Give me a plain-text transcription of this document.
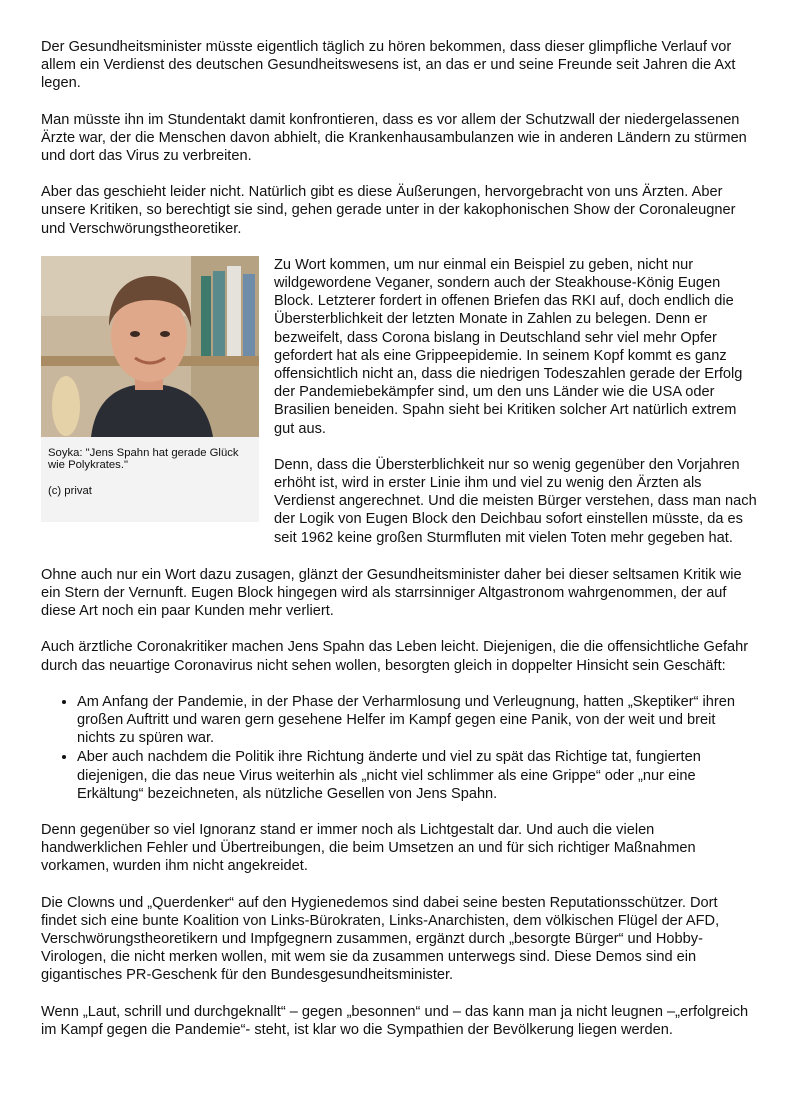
Der Gesundheitsminister müsste eigentlich täglich zu hören bekommen, dass dieser glimpfliche Verlauf vor allem ein Verdienst des deutschen Gesundheitswesens ist, an das er und seine Freunde seit Jahren die Axt legen.

Man müsste ihn im Stundentakt damit konfrontieren, dass es vor allem der Schutzwall der niedergelassenen Ärzte war, der die Menschen davon abhielt, die Krankenhausambulanzen wie in anderen Ländern zu stürmen und dort das Virus zu verbreiten.

Aber das geschieht leider nicht. Natürlich gibt es diese Äußerungen, hervorgebracht von uns Ärzten. Aber unsere Kritiken, so berechtigt sie sind, gehen gerade unter in der kakophonischen Show der Coronaleugner und Verschwörungstheoretiker.

Soyka: "Jens Spahn hat gerade Glück wie Polykrates."
(c) privat

Zu Wort kommen, um nur einmal ein Beispiel zu geben, nicht nur wildgewordene Veganer, sondern auch der Steakhouse-König Eugen Block. Letzterer fordert in offenen Briefen das RKI auf, doch endlich die Übersterblichkeit der letzten Monate in Zahlen zu belegen. Denn er bezweifelt, dass Corona bislang in Deutschland sehr viel mehr Opfer gefordert hat als eine Grippeepidemie. In seinem Kopf kommt es ganz offensichtlich nicht an, dass die niedrigen Todeszahlen gerade der Erfolg der Pandemiebekämpfer sind, um den uns Länder wie die USA oder Brasilien beneiden. Spahn sieht bei Kritiken solcher Art natürlich extrem gut aus.

Denn, dass die Übersterblichkeit nur so wenig gegenüber den Vorjahren erhöht ist, wird in erster Linie ihm und viel zu wenig den Ärzten als Verdienst angerechnet. Und die meisten Bürger verstehen, dass man nach der Logik von Eugen Block den Deichbau sofort einstellen müsste, da es seit 1962 keine großen Sturmfluten mit vielen Toten mehr gegeben hat.

Ohne auch nur ein Wort dazu zusagen, glänzt der Gesundheitsminister daher bei dieser seltsamen Kritik wie ein Stern der Vernunft. Eugen Block hingegen wird als starrsinniger Altgastronom wahrgenommen, der auf diese Art noch ein paar Kunden mehr verliert.

Auch ärztliche Coronakritiker machen Jens Spahn das Leben leicht. Diejenigen, die die offensichtliche Gefahr durch das neuartige Coronavirus nicht sehen wollen, besorgten gleich in doppelter Hinsicht sein Geschäft:

• Am Anfang der Pandemie, in der Phase der Verharmlosung und Verleugnung, hatten „Skeptiker“ ihren großen Auftritt und waren gern gesehene Helfer im Kampf gegen eine Panik, von der weit und breit nichts zu spüren war.
• Aber auch nachdem die Politik ihre Richtung änderte und viel zu spät das Richtige tat, fungierten diejenigen, die das neue Virus weiterhin als „nicht viel schlimmer als eine Grippe“ oder „nur eine Erkältung“ bezeichneten, als nützliche Gesellen von Jens Spahn.

Denn gegenüber so viel Ignoranz stand er immer noch als Lichtgestalt dar. Und auch die vielen handwerklichen Fehler und Übertreibungen, die beim Umsetzen an und für sich richtiger Maßnahmen vorkamen, wurden ihm nicht angekreidet.

Die Clowns und „Querdenker“ auf den Hygienedemos sind dabei seine besten Reputationsschützer. Dort findet sich eine bunte Koalition von Links-Bürokraten, Links-Anarchisten, dem völkischen Flügel der AFD, Verschwörungstheoretikern und Impfgegnern zusammen, ergänzt durch „besorgte Bürger“ und Hobby-Virologen, die nicht merken wollen, mit wem sie da zusammen unterwegs sind. Diese Demos sind ein gigantisches PR-Geschenk für den Bundesgesundheitsminister.

Wenn „Laut, schrill und durchgeknallt“ – gegen „besonnen“ und – das kann man ja nicht leugnen –„erfolgreich im Kampf gegen die Pandemie“- steht, ist klar wo die Sympathien der Bevölkerung liegen werden.
